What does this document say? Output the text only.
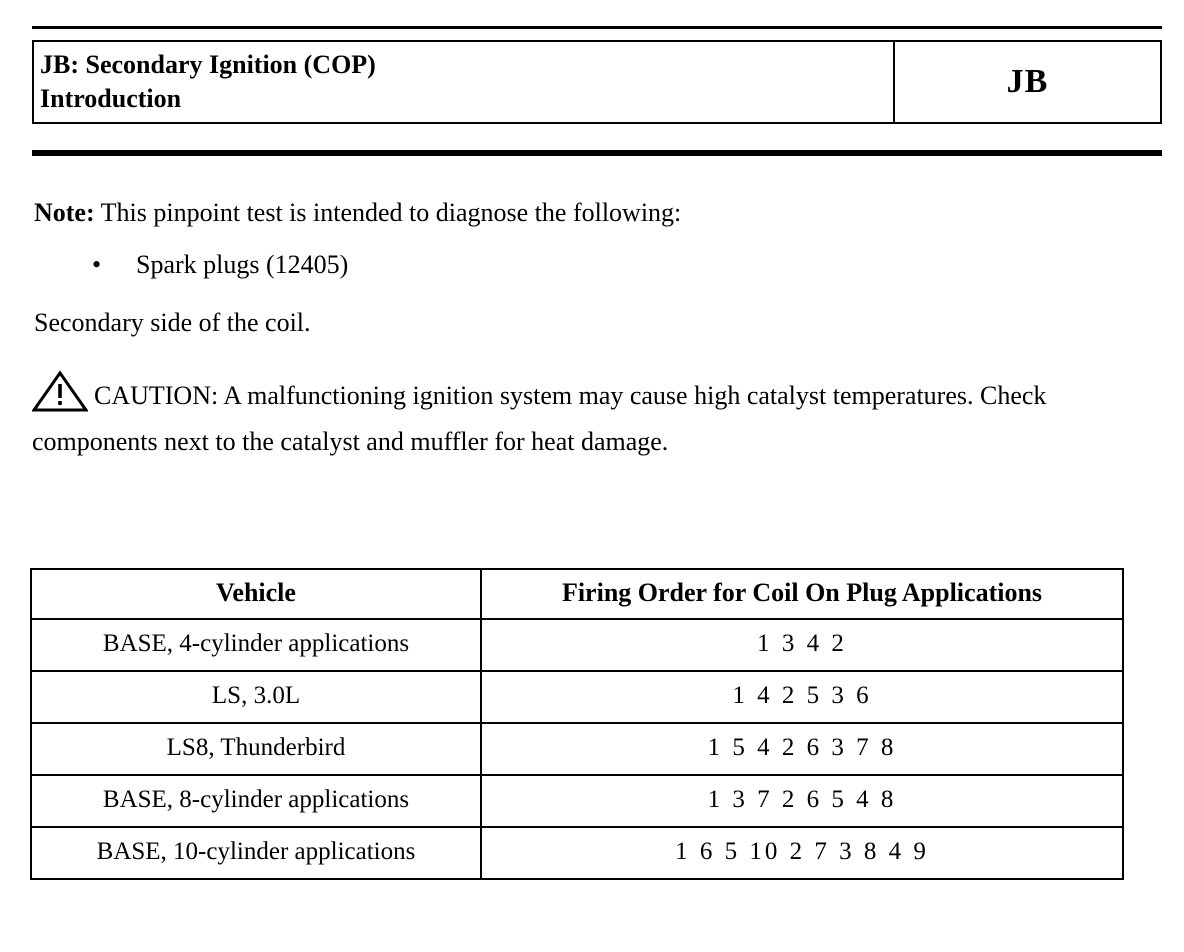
JB: Secondary Ignition (COP)
Introduction	JB

Note: This pinpoint test is intended to diagnose the following:

• Spark plugs (12405)

Secondary side of the coil.

CAUTION: A malfunctioning ignition system may cause high catalyst temperatures. Check components next to the catalyst and muffler for heat damage.
Vehicle	Firing Order for Coil On Plug Applications
BASE, 4-cylinder applications	1 3 4 2
LS, 3.0L	1 4 2 5 3 6
LS8, Thunderbird	1 5 4 2 6 3 7 8
BASE, 8-cylinder applications	1 3 7 2 6 5 4 8
BASE, 10-cylinder applications	1 6 5 10 2 7 3 8 4 9
